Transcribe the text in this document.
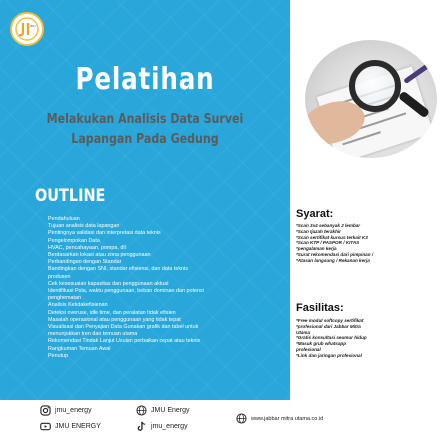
JMU
Pelatihan
Melakukan Analisis Data Survei
Lapangan Pada Gedung
OUTLINE
Pendahuluan
Tujuan analisis data lapangan
Pentingnya validasi dan interpretasi data teknis
Pengelompokan Data
HVAC, pencahayaan, pompa, dll
Berdasarkan lokasi atau zona penggunaan
Perbandingan dengan Standar
Bandingkan dengan SNI, standar efisiensi, dan data teknis
produsen
Cek kesesuaian kapasitas dan penggunaan aktual
Identifikasi Pola, waktu penggunaan, beban dominan dan potensi
penghematan
Analisis Ketidakefisienan
Deteksi overuse, idle time, dan peralatan tidak efisien
Masalah operasional atau penggunaan yang tidak tepat
Visualisasi dan Penyajian Data Gunakan grafik dan tabel untuk
menunjukkan tren dan temuan utama
Rekomendasi Tindak Lanjut Usulan perbaikan cepat atau teknis
Rangkuman Temuan Awal
Penutup
Syarat:
*Scan 3x4 sebanyak 2 lembar
*Scan Ijazah terakhir
*Scan sertifikat kursus terkait K3
*Scan KTP / PASPOR / KITAS
*pengalaman kerja
*Surat rekomendasi dari pimpinan /
*Atasan langsung / Rekanan kerja
Fasilitas:
*Free modul softcopy sertifikat
*profesional dari Jabbar Mitra
Utama
*Gratis konsultasi seumur hidup
*Masuk grub whatsapp
profesional
*Link dan jaringan profesional
jmu_energy
JMU ENERGY
JMU Energy
jmu_energy
www.jabbar mitra utama.co.id
